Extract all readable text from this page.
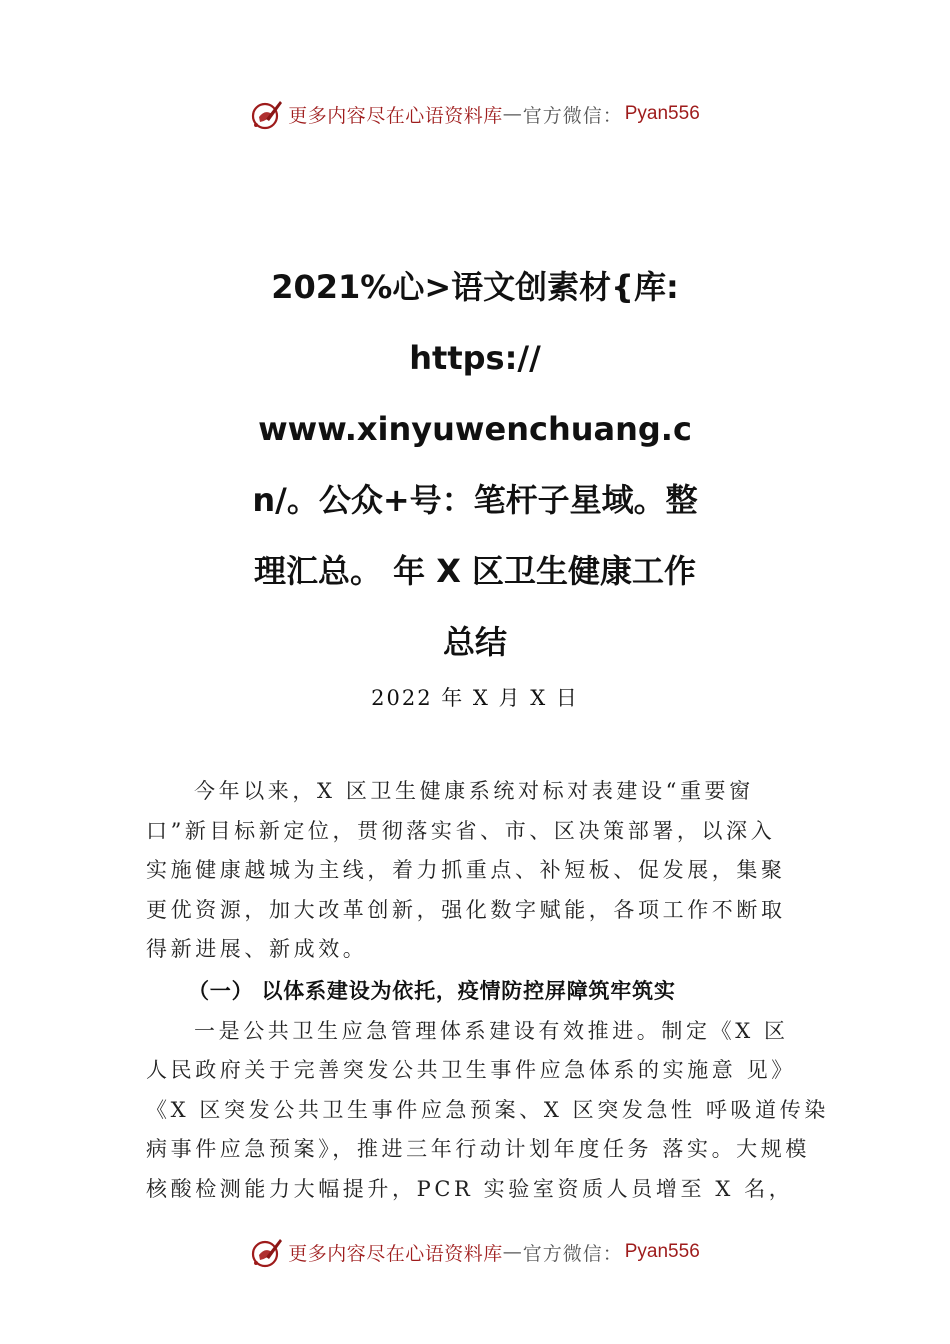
更多内容尽在心语资料库 — 官方微信： Pyan556
2021%心>语文创素材{库:
https://
www.xinyuwenchuang.c
n/。公众+号：笔杆子星域。整
理汇总。 年 X 区卫生健康工作
总结
2022 年 X 月 X 日

今年以来，X 区卫生健康系统对标对表建设“重要窗
口”新目标新定位，贯彻落实省、市、区决策部署，以深入
实施健康越城为主线，着力抓重点、补短板、促发展，集聚
更优资源，加大改革创新，强化数字赋能，各项工作不断取
得新进展、新成效。

（一） 以体系建设为依托，疫情防控屏障筑牢筑实

一是公共卫生应急管理体系建设有效推进。制定《X 区
人民政府关于完善突发公共卫生事件应急体系的实施意 见》
《X 区突发公共卫生事件应急预案、X 区突发急性 呼吸道传染
病事件应急预案》，推进三年行动计划年度任务 落实。大规模
核酸检测能力大幅提升，PCR 实验室资质人员增至 X 名，

更多内容尽在心语资料库 — 官方微信： Pyan556
